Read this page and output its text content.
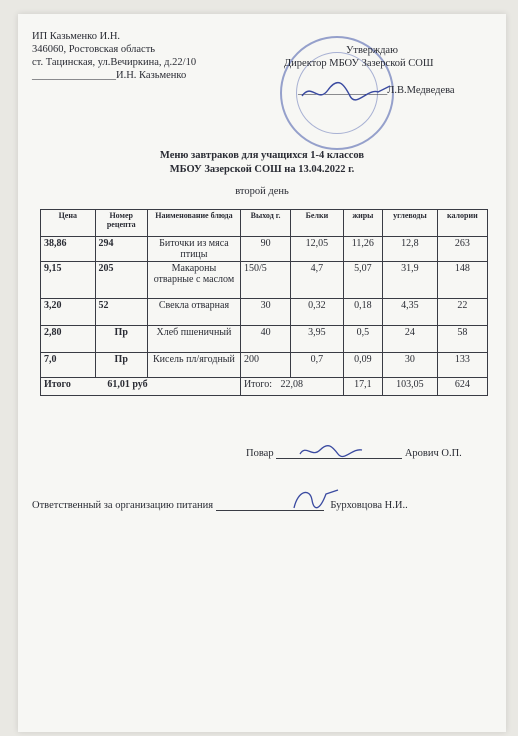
ИП Казьменко И.Н.
346060, Ростовская область
ст. Тацинская, ул.Вечиркина, д.22/10
________________И.Н. Казьменко
Утверждаю
Директор МБОУ Зазерской СОШ
_________________Л.В.Медведева
Меню завтраков для учащихся 1-4 классов
МБОУ Зазерской СОШ на 13.04.2022 г.
второй день
Цена	Номер рецепта	Наименование блюда	Выход г.	Белки	жиры	углеводы	калории
38,86	294	Биточки из мяса птицы	90	12,05	11,26	12,8	263
9,15	205	Макароны отварные с маслом	150/5	4,7	5,07	31,9	148
3,20	52	Свекла отварная	30	0,32	0,18	4,35	22
2,80	Пр	Хлеб пшеничный	40	3,95	0,5	24	58
7,0	Пр	Кисель пл/ягодный	200	0,7	0,09	30	133
Итого 61,01 руб			Итого: 22,08		17,1	103,05	624
Повар	Арович О.П.
Ответственный за организацию питания	Бурховцова Н.И..
